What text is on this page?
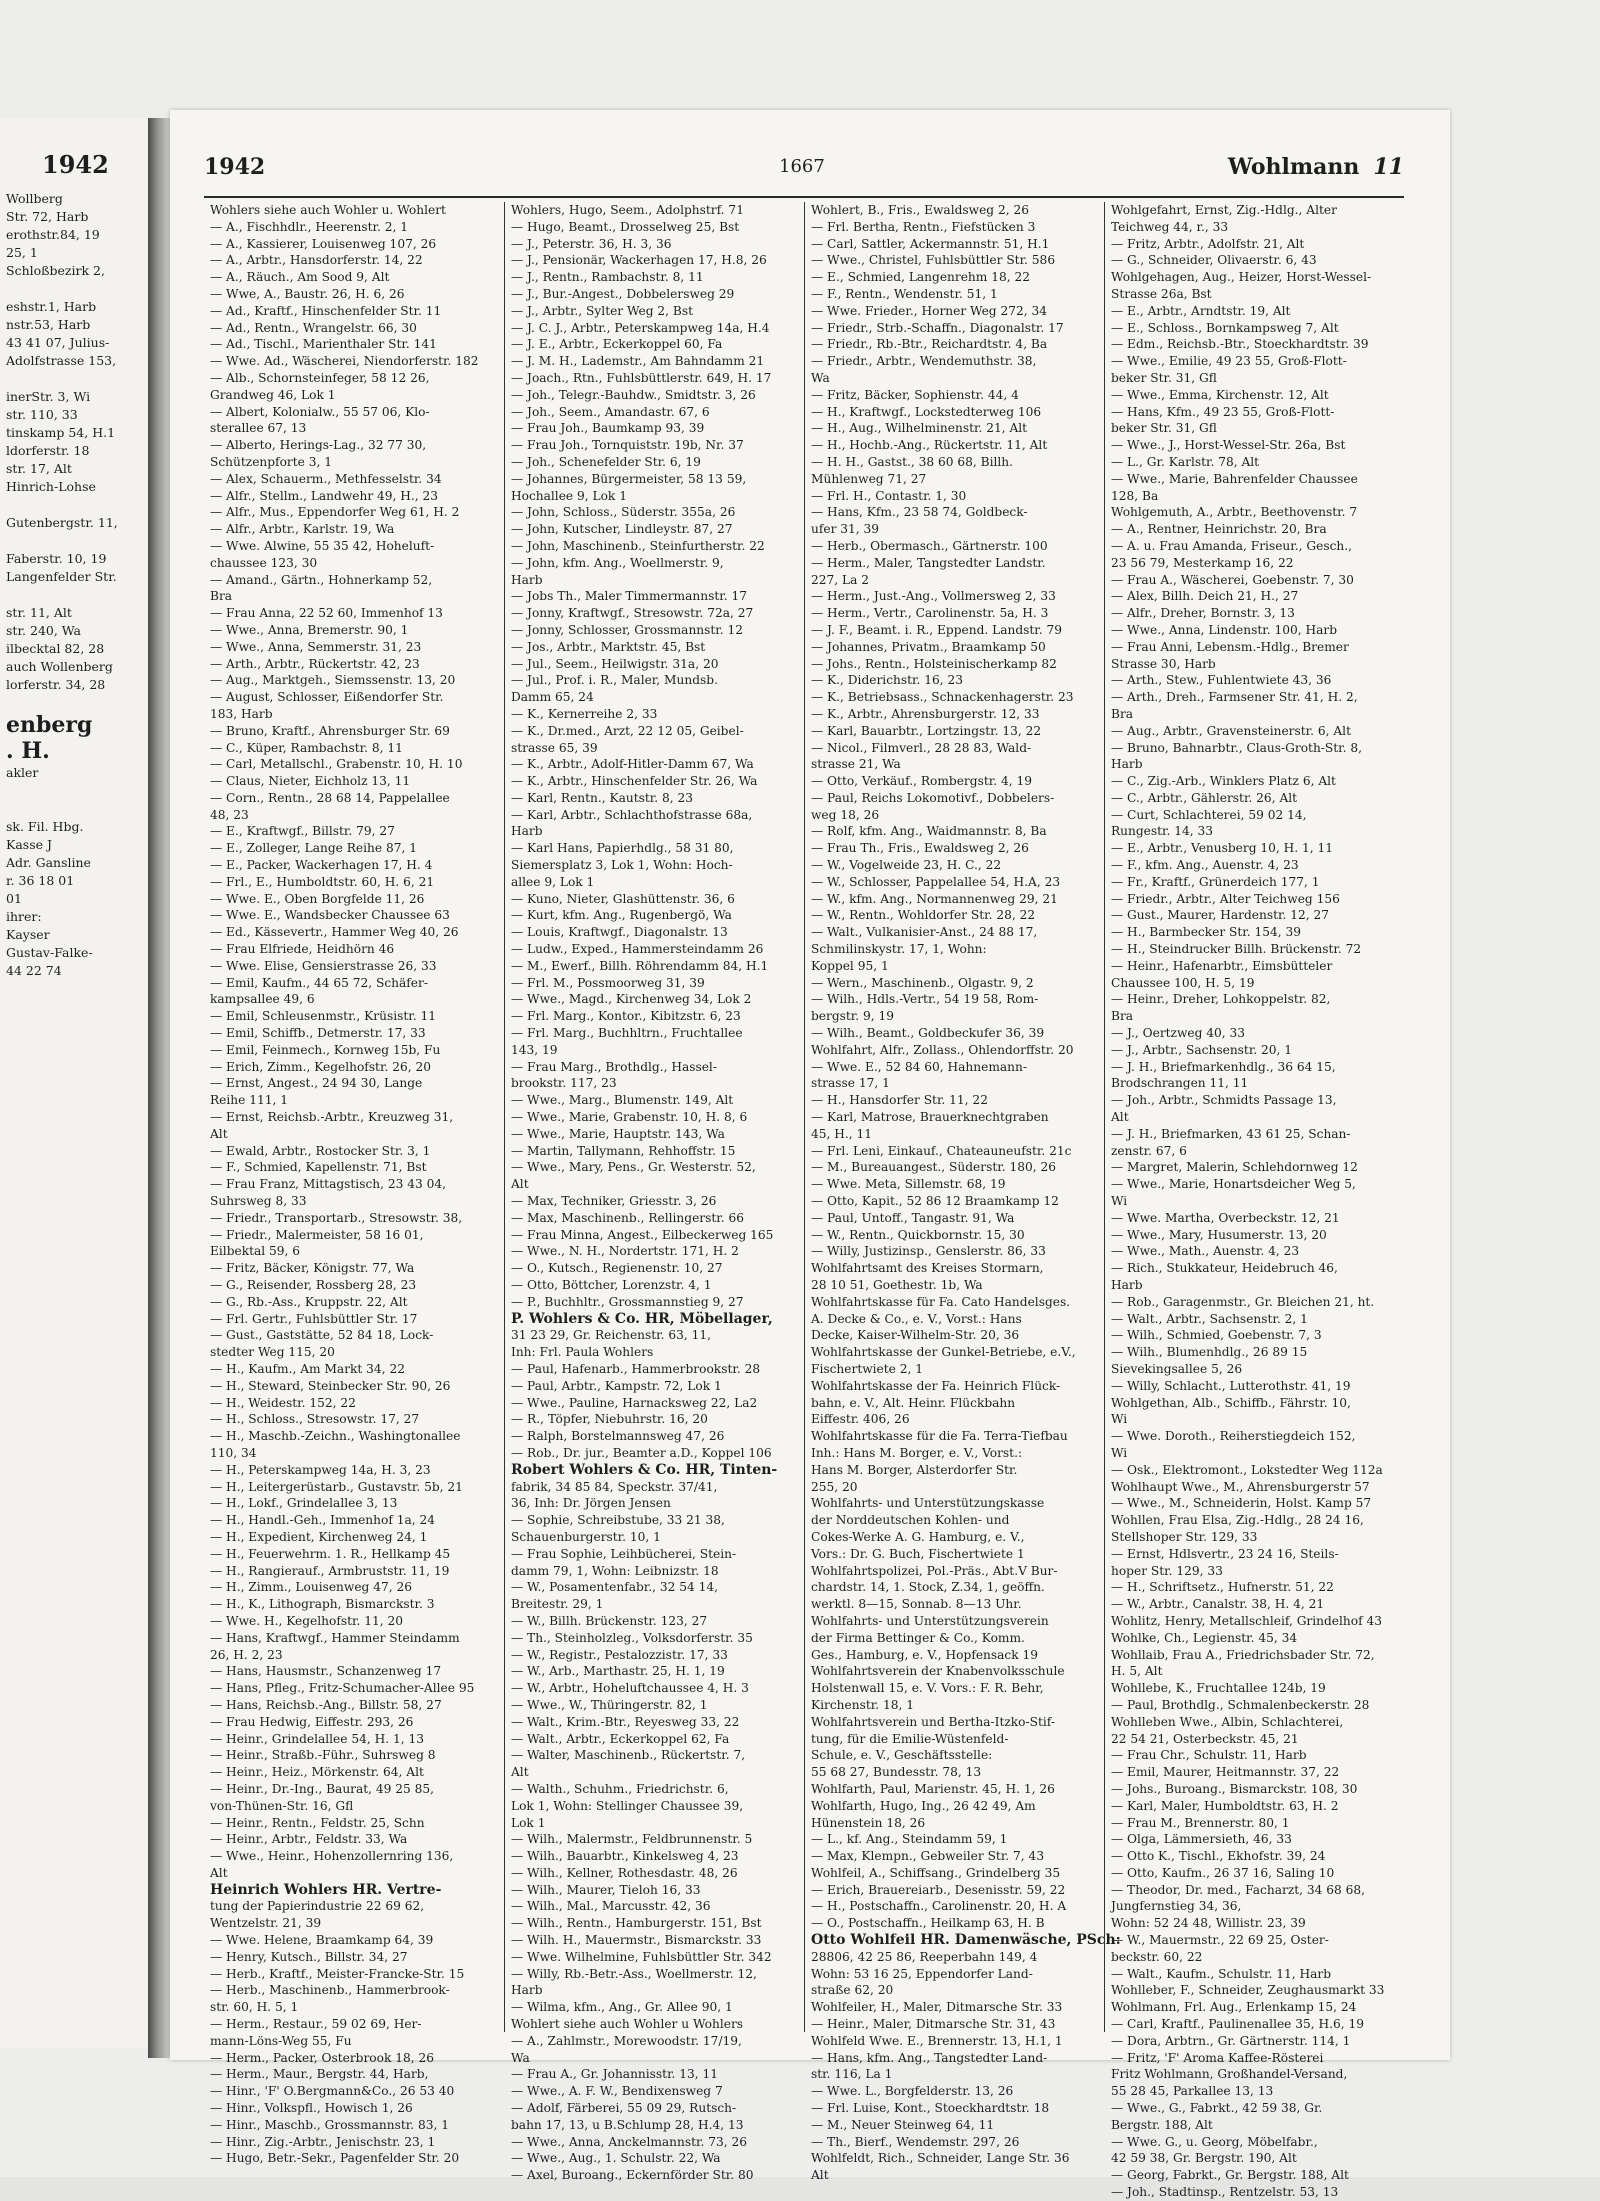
1942
Wollberg
Str. 72, Harb
erothstr.84, 19
25, 1
Schloßbezirk 2,

eshstr.1, Harb
nstr.53, Harb
43 41 07, Julius-
Adolfstrasse 153,

inerStr. 3, Wi
str. 110, 33
tinskamp 54, H.1
ldorferstr. 18
str. 17, Alt
Hinrich-Lohse

Gutenbergstr. 11,

Faberstr. 10, 19
Langenfelder Str.

str. 11, Alt
str. 240, Wa
ilbecktal 82, 28
auch Wollenberg
lorferstr. 34, 28

enberg
. H.
akler

sk. Fil. Hbg.
Kasse J
Adr. Gansline
r. 36 18 01
01
ihrer:
Kayser
Gustav-Falke-
44 22 74
1942	1667	Wohlmann 11
Wohlers siehe auch Wohler u. Wohlert
— A., Fischhdlr., Heerenstr. 2, 1
— A., Kassierer, Louisenweg 107, 26
— A., Arbtr., Hansdorferstr. 14, 22
— A., Räuch., Am Sood 9, Alt
— Wwe, A., Baustr. 26, H. 6, 26
— Ad., Kraftf., Hinschenfelder Str. 11
— Ad., Rentn., Wrangelstr. 66, 30
— Ad., Tischl., Marienthaler Str. 141
— Wwe. Ad., Wäscherei, Niendorferstr. 182
— Alb., Schornsteinfeger, 58 12 26,
Grandweg 46, Lok 1
— Albert, Kolonialw., 55 57 06, Klo-
sterallee 67, 13
— Alberto, Herings-Lag., 32 77 30,
Schützenpforte 3, 1
— Alex, Schauerm., Methfesselstr. 34
— Alfr., Stellm., Landwehr 49, H., 23
— Alfr., Mus., Eppendorfer Weg 61, H. 2
— Alfr., Arbtr., Karlstr. 19, Wa
— Wwe. Alwine, 55 35 42, Hoheluft-
chaussee 123, 30
— Amand., Gärtn., Hohnerkamp 52,
Bra
— Frau Anna, 22 52 60, Immenhof 13
— Wwe., Anna, Bremerstr. 90, 1
— Wwe., Anna, Semmerstr. 31, 23
— Arth., Arbtr., Rückertstr. 42, 23
— Aug., Marktgeh., Siemssenstr. 13, 20
— August, Schlosser, Eißendorfer Str.
183, Harb
— Bruno, Kraftf., Ahrensburger Str. 69
— C., Küper, Rambachstr. 8, 11
— Carl, Metallschl., Grabenstr. 10, H. 10
— Claus, Nieter, Eichholz 13, 11
— Corn., Rentn., 28 68 14, Pappelallee
48, 23
— E., Kraftwgf., Billstr. 79, 27
— E., Zolleger, Lange Reihe 87, 1
— E., Packer, Wackerhagen 17, H. 4
— Frl., E., Humboldtstr. 60, H. 6, 21
— Wwe. E., Oben Borgfelde 11, 26
— Wwe. E., Wandsbecker Chaussee 63
— Ed., Kässevertr., Hammer Weg 40, 26
— Frau Elfriede, Heidhörn 46
— Wwe. Elise, Gensierstrasse 26, 33
— Emil, Kaufm., 44 65 72, Schäfer-
kampsallee 49, 6
— Emil, Schleusenmstr., Krüsistr. 11
— Emil, Schiffb., Detmerstr. 17, 33
— Emil, Feinmech., Kornweg 15b, Fu
— Erich, Zimm., Kegelhofstr. 26, 20
— Ernst, Angest., 24 94 30, Lange
Reihe 111, 1
— Ernst, Reichsb.-Arbtr., Kreuzweg 31,
Alt
— Ewald, Arbtr., Rostocker Str. 3, 1
— F., Schmied, Kapellenstr. 71, Bst
— Frau Franz, Mittagstisch, 23 43 04,
Suhrsweg 8, 33
— Friedr., Transportarb., Stresowstr. 38,
— Friedr., Malermeister, 58 16 01,
Eilbektal 59, 6
— Fritz, Bäcker, Königstr. 77, Wa
— G., Reisender, Rossberg 28, 23
— G., Rb.-Ass., Kruppstr. 22, Alt
— Frl. Gertr., Fuhlsbüttler Str. 17
— Gust., Gaststätte, 52 84 18, Lock-
stedter Weg 115, 20
— H., Kaufm., Am Markt 34, 22
— H., Steward, Steinbecker Str. 90, 26
— H., Weidestr. 152, 22
— H., Schloss., Stresowstr. 17, 27
— H., Maschb.-Zeichn., Washingtonallee
110, 34
— H., Peterskampweg 14a, H. 3, 23
— H., Leitergerüstarb., Gustavstr. 5b, 21
— H., Lokf., Grindelallee 3, 13
— H., Handl.-Geh., Immenhof 1a, 24
— H., Expedient, Kirchenweg 24, 1
— H., Feuerwehrm. 1. R., Hellkamp 45
— H., Rangierauf., Armbruststr. 11, 19
— H., Zimm., Louisenweg 47, 26
— H., K., Lithograph, Bismarckstr. 3
— Wwe. H., Kegelhofstr. 11, 20
— Hans, Kraftwgf., Hammer Steindamm
26, H. 2, 23
— Hans, Hausmstr., Schanzenweg 17
— Hans, Pfleg., Fritz-Schumacher-Allee 95
— Hans, Reichsb.-Ang., Billstr. 58, 27
— Frau Hedwig, Eiffestr. 293, 26
— Heinr., Grindelallee 54, H. 1, 13
— Heinr., Straßb.-Führ., Suhrsweg 8
— Heinr., Heiz., Mörkenstr. 64, Alt
— Heinr., Dr.-Ing., Baurat, 49 25 85,
von-Thünen-Str. 16, Gfl
— Heinr., Rentn., Feldstr. 25, Schn
— Heinr., Arbtr., Feldstr. 33, Wa
— Wwe., Heinr., Hohenzollernring 136,
Alt
Heinrich Wohlers HR. Vertre-
tung der Papierindustrie 22 69 62,
Wentzelstr. 21, 39
— Wwe. Helene, Braamkamp 64, 39
— Henry, Kutsch., Billstr. 34, 27
— Herb., Kraftf., Meister-Francke-Str. 15
— Herb., Maschinenb., Hammerbrook-
str. 60, H. 5, 1
— Herm., Restaur., 59 02 69, Her-
mann-Löns-Weg 55, Fu
— Herm., Packer, Osterbrook 18, 26
— Herm., Maur., Bergstr. 44, Harb,
— Hinr., 'F' O.Bergmann&Co., 26 53 40
— Hinr., Volkspfl., Howisch 1, 26
— Hinr., Maschb., Grossmannstr. 83, 1
— Hinr., Zig.-Arbtr., Jenischstr. 23, 1
— Hugo, Betr.-Sekr., Pagenfelder Str. 20
Wohlers, Hugo, Seem., Adolphstrf. 71
— Hugo, Beamt., Drosselweg 25, Bst
— J., Peterstr. 36, H. 3, 36
— J., Pensionär, Wackerhagen 17, H.8, 26
— J., Rentn., Rambachstr. 8, 11
— J., Bur.-Angest., Dobbelersweg 29
— J., Arbtr., Sylter Weg 2, Bst
— J. C. J., Arbtr., Peterskampweg 14a, H.4
— J. E., Arbtr., Eckerkoppel 60, Fa
— J. M. H., Lademstr., Am Bahndamm 21
— Joach., Rtn., Fuhlsbüttlerstr. 649, H. 17
— Joh., Telegr.-Bauhdw., Smidtstr. 3, 26
— Joh., Seem., Amandastr. 67, 6
— Frau Joh., Baumkamp 93, 39
— Frau Joh., Tornquiststr. 19b, Nr. 37
— Joh., Schenefelder Str. 6, 19
— Johannes, Bürgermeister, 58 13 59,
Hochallee 9, Lok 1
— John, Schloss., Süderstr. 355a, 26
— John, Kutscher, Lindleystr. 87, 27
— John, Maschinenb., Steinfurtherstr. 22
— John, kfm. Ang., Woellmerstr. 9,
Harb
— Jobs Th., Maler Timmermannstr. 17
— Jonny, Kraftwgf., Stresowstr. 72a, 27
— Jonny, Schlosser, Grossmannstr. 12
— Jos., Arbtr., Marktstr. 45, Bst
— Jul., Seem., Heilwigstr. 31a, 20
— Jul., Prof. i. R., Maler, Mundsb.
Damm 65, 24
— K., Kernerreihe 2, 33
— K., Dr.med., Arzt, 22 12 05, Geibel-
strasse 65, 39
— K., Arbtr., Adolf-Hitler-Damm 67, Wa
— K., Arbtr., Hinschenfelder Str. 26, Wa
— Karl, Rentn., Kautstr. 8, 23
— Karl, Arbtr., Schlachthofstrasse 68a,
Harb
— Karl Hans, Papierhdlg., 58 31 80,
Siemersplatz 3, Lok 1, Wohn: Hoch-
allee 9, Lok 1
— Kuno, Nieter, Glashüttenstr. 36, 6
— Kurt, kfm. Ang., Rugenbergö, Wa
— Louis, Kraftwgf., Diagonalstr. 13
— Ludw., Exped., Hammersteindamm 26
— M., Ewerf., Billh. Röhrendamm 84, H.1
— Frl. M., Possmoorweg 31, 39
— Wwe., Magd., Kirchenweg 34, Lok 2
— Frl. Marg., Kontor., Kibitzstr. 6, 23
— Frl. Marg., Buchhltrn., Fruchtallee
143, 19
— Frau Marg., Brothdlg., Hassel-
brookstr. 117, 23
— Wwe., Marg., Blumenstr. 149, Alt
— Wwe., Marie, Grabenstr. 10, H. 8, 6
— Wwe., Marie, Hauptstr. 143, Wa
— Martin, Tallymann, Rehhoffstr. 15
— Wwe., Mary, Pens., Gr. Westerstr. 52,
Alt
— Max, Techniker, Griesstr. 3, 26
— Max, Maschinenb., Rellingerstr. 66
— Frau Minna, Angest., Eilbeckerweg 165
— Wwe., N. H., Nordertstr. 171, H. 2
— O., Kutsch., Regienenstr. 10, 27
— Otto, Böttcher, Lorenzstr. 4, 1
— P., Buchhltr., Grossmannstieg 9, 27
P. Wohlers & Co. HR, Möbellager,
31 23 29, Gr. Reichenstr. 63, 11,
Inh: Frl. Paula Wohlers
— Paul, Hafenarb., Hammerbrookstr. 28
— Paul, Arbtr., Kampstr. 72, Lok 1
— Wwe., Pauline, Harnacksweg 22, La2
— R., Töpfer, Niebuhrstr. 16, 20
— Ralph, Borstelmannsweg 47, 26
— Rob., Dr. jur., Beamter a.D., Koppel 106
Robert Wohlers & Co. HR, Tinten-
fabrik, 34 85 84, Speckstr. 37/41,
36, Inh: Dr. Jörgen Jensen
— Sophie, Schreibstube, 33 21 38,
Schauenburgerstr. 10, 1
— Frau Sophie, Leihbücherei, Stein-
damm 79, 1, Wohn: Leibnizstr. 18
— W., Posamentenfabr., 32 54 14,
Breitestr. 29, 1
— W., Billh. Brückenstr. 123, 27
— Th., Steinholzleg., Volksdorferstr. 35
— W., Registr., Pestalozzistr. 17, 33
— W., Arb., Marthastr. 25, H. 1, 19
— W., Arbtr., Hoheluftchaussee 4, H. 3
— Wwe., W., Thüringerstr. 82, 1
— Walt., Krim.-Btr., Reyesweg 33, 22
— Walt., Arbtr., Eckerkoppel 62, Fa
— Walter, Maschinenb., Rückertstr. 7,
Alt
— Walth., Schuhm., Friedrichstr. 6,
Lok 1, Wohn: Stellinger Chaussee 39,
Lok 1
— Wilh., Malermstr., Feldbrunnenstr. 5
— Wilh., Bauarbtr., Kinkelsweg 4, 23
— Wilh., Kellner, Rothesdastr. 48, 26
— Wilh., Maurer, Tieloh 16, 33
— Wilh., Mal., Marcusstr. 42, 36
— Wilh., Rentn., Hamburgerstr. 151, Bst
— Wilh. H., Mauermstr., Bismarckstr. 33
— Wwe. Wilhelmine, Fuhlsbüttler Str. 342
— Willy, Rb.-Betr.-Ass., Woellmerstr. 12,
Harb
— Wilma, kfm., Ang., Gr. Allee 90, 1
Wohlert siehe auch Wohler u Wohlers
— A., Zahlmstr., Morewoodstr. 17/19,
Wa
— Frau A., Gr. Johannisstr. 13, 11
— Wwe., A. F. W., Bendixensweg 7
— Adolf, Färberei, 55 09 29, Rutsch-
bahn 17, 13, u B.Schlump 28, H.4, 13
— Wwe., Anna, Anckelmannstr. 73, 26
— Wwe., Aug., 1. Schulstr. 22, Wa
— Axel, Buroang., Eckernförder Str. 80
Wohlert, B., Fris., Ewaldsweg 2, 26
— Frl. Bertha, Rentn., Fiefstücken 3
— Carl, Sattler, Ackermannstr. 51, H.1
— Wwe., Christel, Fuhlsbüttler Str. 586
— E., Schmied, Langenrehm 18, 22
— F., Rentn., Wendenstr. 51, 1
— Wwe. Frieder., Horner Weg 272, 34
— Friedr., Strb.-Schaffn., Diagonalstr. 17
— Friedr., Rb.-Btr., Reichardtstr. 4, Ba
— Friedr., Arbtr., Wendemuthstr. 38,
Wa
— Fritz, Bäcker, Sophienstr. 44, 4
— H., Kraftwgf., Lockstedterweg 106
— H., Aug., Wilhelminenstr. 21, Alt
— H., Hochb.-Ang., Rückertstr. 11, Alt
— H. H., Gastst., 38 60 68, Billh.
Mühlenweg 71, 27
— Frl. H., Contastr. 1, 30
— Hans, Kfm., 23 58 74, Goldbeck-
ufer 31, 39
— Herb., Obermasch., Gärtnerstr. 100
— Herm., Maler, Tangstedter Landstr.
227, La 2
— Herm., Just.-Ang., Vollmersweg 2, 33
— Herm., Vertr., Carolinenstr. 5a, H. 3
— J. F., Beamt. i. R., Eppend. Landstr. 79
— Johannes, Privatm., Braamkamp 50
— Johs., Rentn., Holsteinischerkamp 82
— K., Diderichstr. 16, 23
— K., Betriebsass., Schnackenhagerstr. 23
— K., Arbtr., Ahrensburgerstr. 12, 33
— Karl, Bauarbtr., Lortzingstr. 13, 22
— Nicol., Filmverl., 28 28 83, Wald-
strasse 21, Wa
— Otto, Verkäuf., Rombergstr. 4, 19
— Paul, Reichs Lokomotivf., Dobbelers-
weg 18, 26
— Rolf, kfm. Ang., Waidmannstr. 8, Ba
— Frau Th., Fris., Ewaldsweg 2, 26
— W., Vogelweide 23, H. C., 22
— W., Schlosser, Pappelallee 54, H.A, 23
— W., kfm. Ang., Normannenweg 29, 21
— W., Rentn., Wohldorfer Str. 28, 22
— Walt., Vulkanisier-Anst., 24 88 17,
Schmilinskystr. 17, 1, Wohn:
Koppel 95, 1
— Wern., Maschinenb., Olgastr. 9, 2
— Wilh., Hdls.-Vertr., 54 19 58, Rom-
bergstr. 9, 19
— Wilh., Beamt., Goldbeckufer 36, 39
Wohlfahrt, Alfr., Zollass., Ohlendorffstr. 20
— Wwe. E., 52 84 60, Hahnemann-
strasse 17, 1
— H., Hansdorfer Str. 11, 22
— Karl, Matrose, Brauerknechtgraben
45, H., 11
— Frl. Leni, Einkauf., Chateauneufstr. 21c
— M., Bureauangest., Süderstr. 180, 26
— Wwe. Meta, Sillemstr. 68, 19
— Otto, Kapit., 52 86 12 Braamkamp 12
— Paul, Untoff., Tangastr. 91, Wa
— W., Rentn., Quickbornstr. 15, 30
— Willy, Justizinsp., Genslerstr. 86, 33
Wohlfahrtsamt des Kreises Stormarn,
28 10 51, Goethestr. 1b, Wa
Wohlfahrtskasse für Fa. Cato Handelsges.
A. Decke & Co., e. V., Vorst.: Hans
Decke, Kaiser-Wilhelm-Str. 20, 36
Wohlfahrtskasse der Gunkel-Betriebe, e.V.,
Fischertwiete 2, 1
Wohlfahrtskasse der Fa. Heinrich Flück-
bahn, e. V., Alt. Heinr. Flückbahn
Eiffestr. 406, 26
Wohlfahrtskasse für die Fa. Terra-Tiefbau
Inh.: Hans M. Borger, e. V., Vorst.:
Hans M. Borger, Alsterdorfer Str.
255, 20
Wohlfahrts- und Unterstützungskasse
der Norddeutschen Kohlen- und
Cokes-Werke A. G. Hamburg, e. V.,
Vors.: Dr. G. Buch, Fischertwiete 1
Wohlfahrtspolizei, Pol.-Präs., Abt.V Bur-
chardstr. 14, 1. Stock, Z.34, 1, geöffn.
werktl. 8—15, Sonnab. 8—13 Uhr.
Wohlfahrts- und Unterstützungsverein
der Firma Bettinger & Co., Komm.
Ges., Hamburg, e. V., Hopfensack 19
Wohlfahrtsverein der Knabenvolksschule
Holstenwall 15, e. V. Vors.: F. R. Behr,
Kirchenstr. 18, 1
Wohlfahrtsverein und Bertha-Itzko-Stif-
tung, für die Emilie-Wüstenfeld-
Schule, e. V., Geschäftsstelle:
55 68 27, Bundesstr. 78, 13
Wohlfarth, Paul, Marienstr. 45, H. 1, 26
Wohlfarth, Hugo, Ing., 26 42 49, Am
Hünenstein 18, 26
— L., kf. Ang., Steindamm 59, 1
— Max, Klempn., Gebweiler Str. 7, 43
Wohlfeil, A., Schiffsang., Grindelberg 35
— Erich, Brauereiarb., Desenisstr. 59, 22
— H., Postschaffn., Carolinenstr. 20, H. A
— O., Postschaffn., Heilkamp 63, H. B
Otto Wohlfeil HR. Damenwäsche, PSch:
28806, 42 25 86, Reeperbahn 149, 4
Wohn: 53 16 25, Eppendorfer Land-
straße 62, 20
Wohlfeiler, H., Maler, Ditmarsche Str. 33
— Heinr., Maler, Ditmarsche Str. 31, 43
Wohlfeld Wwe. E., Brennerstr. 13, H.1, 1
— Hans, kfm. Ang., Tangstedter Land-
str. 116, La 1
— Wwe. L., Borgfelderstr. 13, 26
— Frl. Luise, Kont., Stoeckhardtstr. 18
— M., Neuer Steinweg 64, 11
— Th., Bierf., Wendemstr. 297, 26
Wohlfeldt, Rich., Schneider, Lange Str. 36
Alt
Wohlgefahrt, Ernst, Zig.-Hdlg., Alter
Teichweg 44, r., 33
— Fritz, Arbtr., Adolfstr. 21, Alt
— G., Schneider, Olivaerstr. 6, 43
Wohlgehagen, Aug., Heizer, Horst-Wessel-
Strasse 26a, Bst
— E., Arbtr., Arndtstr. 19, Alt
— E., Schloss., Bornkampsweg 7, Alt
— Edm., Reichsb.-Btr., Stoeckhardtstr. 39
— Wwe., Emilie, 49 23 55, Groß-Flott-
beker Str. 31, Gfl
— Wwe., Emma, Kirchenstr. 12, Alt
— Hans, Kfm., 49 23 55, Groß-Flott-
beker Str. 31, Gfl
— Wwe., J., Horst-Wessel-Str. 26a, Bst
— L., Gr. Karlstr. 78, Alt
— Wwe., Marie, Bahrenfelder Chaussee
128, Ba
Wohlgemuth, A., Arbtr., Beethovenstr. 7
— A., Rentner, Heinrichstr. 20, Bra
— A. u. Frau Amanda, Friseur., Gesch.,
23 56 79, Mesterkamp 16, 22
— Frau A., Wäscherei, Goebenstr. 7, 30
— Alex, Billh. Deich 21, H., 27
— Alfr., Dreher, Bornstr. 3, 13
— Wwe., Anna, Lindenstr. 100, Harb
— Frau Anni, Lebensm.-Hdlg., Bremer
Strasse 30, Harb
— Arth., Stew., Fuhlentwiete 43, 36
— Arth., Dreh., Farmsener Str. 41, H. 2,
Bra
— Aug., Arbtr., Gravensteinerstr. 6, Alt
— Bruno, Bahnarbtr., Claus-Groth-Str. 8,
Harb
— C., Zig.-Arb., Winklers Platz 6, Alt
— C., Arbtr., Gählerstr. 26, Alt
— Curt, Schlachterei, 59 02 14,
Rungestr. 14, 33
— E., Arbtr., Venusberg 10, H. 1, 11
— F., kfm. Ang., Auenstr. 4, 23
— Fr., Kraftf., Grünerdeich 177, 1
— Friedr., Arbtr., Alter Teichweg 156
— Gust., Maurer, Hardenstr. 12, 27
— H., Barmbecker Str. 154, 39
— H., Steindrucker Billh. Brückenstr. 72
— Heinr., Hafenarbtr., Eimsbütteler
Chaussee 100, H. 5, 19
— Heinr., Dreher, Lohkoppelstr. 82,
Bra
— J., Oertzweg 40, 33
— J., Arbtr., Sachsenstr. 20, 1
— J. H., Briefmarkenhdlg., 36 64 15,
Brodschrangen 11, 11
— Joh., Arbtr., Schmidts Passage 13,
Alt
— J. H., Briefmarken, 43 61 25, Schan-
zenstr. 67, 6
— Margret, Malerin, Schlehdornweg 12
— Wwe., Marie, Honartsdeicher Weg 5,
Wi
— Wwe. Martha, Overbeckstr. 12, 21
— Wwe., Mary, Husumerstr. 13, 20
— Wwe., Math., Auenstr. 4, 23
— Rich., Stukkateur, Heidebruch 46,
Harb
— Rob., Garagenmstr., Gr. Bleichen 21, ht.
— Walt., Arbtr., Sachsenstr. 2, 1
— Wilh., Schmied, Goebenstr. 7, 3
— Wilh., Blumenhdlg., 26 89 15
Sievekingsallee 5, 26
— Willy, Schlacht., Lutterothstr. 41, 19
Wohlgethan, Alb., Schiffb., Fährstr. 10,
Wi
— Wwe. Doroth., Reiherstiegdeich 152,
Wi
— Osk., Elektromont., Lokstedter Weg 112a
Wohlhaupt Wwe., M., Ahrensburgerstr 57
— Wwe., M., Schneiderin, Holst. Kamp 57
Wohllen, Frau Elsa, Zig.-Hdlg., 28 24 16,
Stellshoper Str. 129, 33
— Ernst, Hdlsvertr., 23 24 16, Steils-
hoper Str. 129, 33
— H., Schriftsetz., Hufnerstr. 51, 22
— W., Arbtr., Canalstr. 38, H. 4, 21
Wohlitz, Henry, Metallschleif, Grindelhof 43
Wohlke, Ch., Legienstr. 45, 34
Wohllaib, Frau A., Friedrichsbader Str. 72,
H. 5, Alt
Wohllebe, K., Fruchtallee 124b, 19
— Paul, Brothdlg., Schmalenbeckerstr. 28
Wohlleben Wwe., Albin, Schlachterei,
22 54 21, Osterbeckstr. 45, 21
— Frau Chr., Schulstr. 11, Harb
— Emil, Maurer, Heitmannstr. 37, 22
— Johs., Buroang., Bismarckstr. 108, 30
— Karl, Maler, Humboldtstr. 63, H. 2
— Frau M., Brennerstr. 80, 1
— Olga, Lämmersieth, 46, 33
— Otto K., Tischl., Ekhofstr. 39, 24
— Otto, Kaufm., 26 37 16, Saling 10
— Theodor, Dr. med., Facharzt, 34 68 68,
Jungfernstieg 34, 36,
Wohn: 52 24 48, Willistr. 23, 39
— W., Mauermstr., 22 69 25, Oster-
beckstr. 60, 22
— Walt., Kaufm., Schulstr. 11, Harb
Wohlleber, F., Schneider, Zeughausmarkt 33
Wohlmann, Frl. Aug., Erlenkamp 15, 24
— Carl, Kraftf., Paulinenallee 35, H.6, 19
— Dora, Arbtrn., Gr. Gärtnerstr. 114, 1
— Fritz, 'F' Aroma Kaffee-Rösterei
Fritz Wohlmann, Großhandel-Versand,
55 28 45, Parkallee 13, 13
— Wwe., G., Fabrkt., 42 59 38, Gr.
Bergstr. 188, Alt
— Wwe. G., u. Georg, Möbelfabr.,
42 59 38, Gr. Bergstr. 190, Alt
— Georg, Fabrkt., Gr. Bergstr. 188, Alt
— Joh., Stadtinsp., Rentzelstr. 53, 13
